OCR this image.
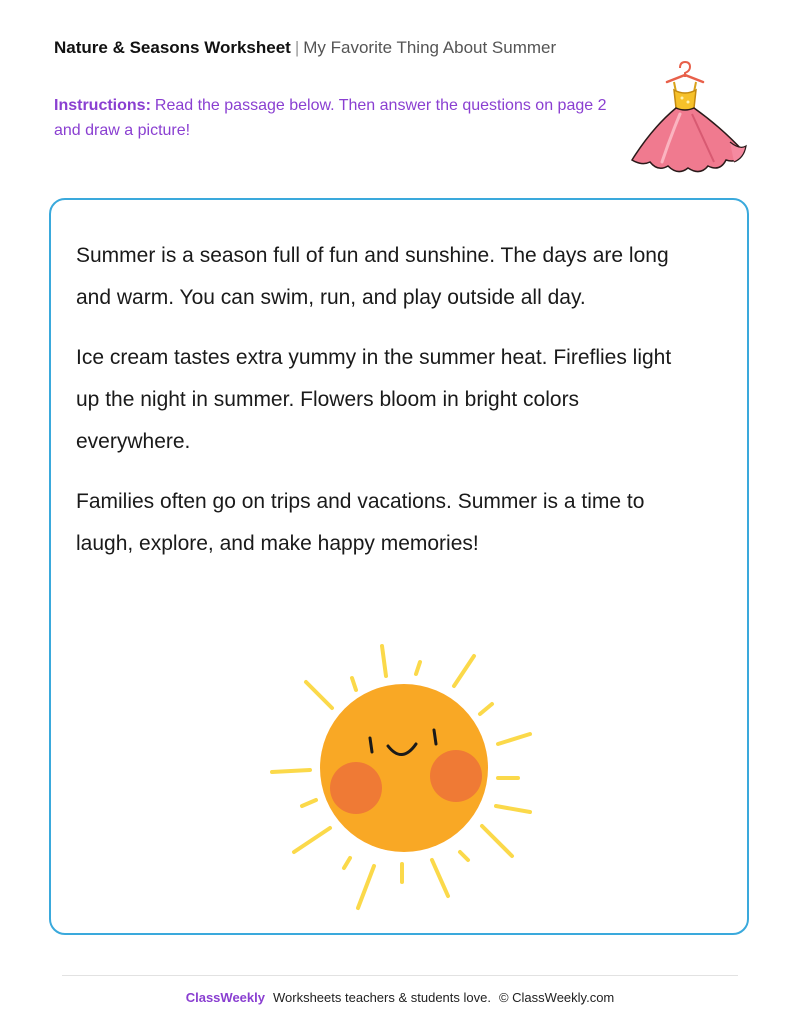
Nature & Seasons Worksheet | My Favorite Thing About Summer
Instructions: Read the passage below. Then answer the questions on page 2 and draw a picture!

Summer is a season full of fun and sunshine. The days are long and warm. You can swim, run, and play outside all day.

Ice cream tastes extra yummy in the summer heat. Fireflies light up the night in summer. Flowers bloom in bright colors everywhere.

Families often go on trips and vacations. Summer is a time to laugh, explore, and make happy memories!

ClassWeekly Worksheets teachers & students love. © ClassWeekly.com
